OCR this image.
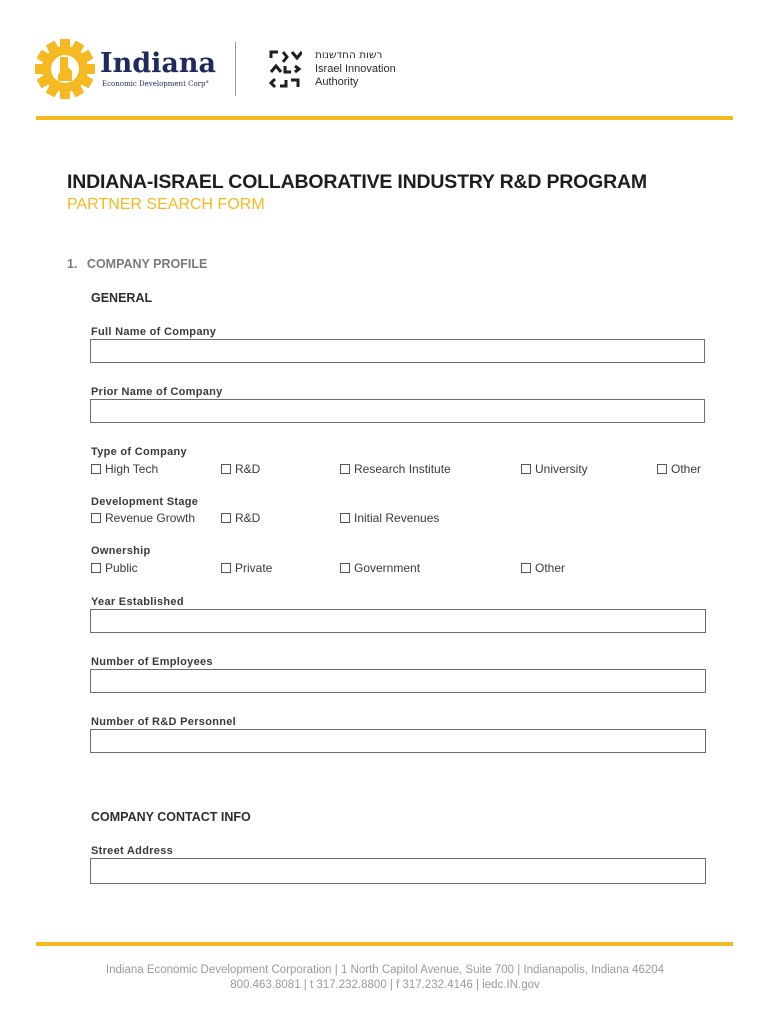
Indiana
Economic Development Corp°
רשות החדשנות
Israel Innovation
Authority
INDIANA-ISRAEL COLLABORATIVE INDUSTRY R&D PROGRAM
PARTNER SEARCH FORM
1. COMPANY PROFILE
GENERAL
Full Name of Company
Prior Name of Company
Type of Company
High Tech	R&D	Research Institute	University	Other
Development Stage
Revenue Growth	R&D	Initial Revenues
Ownership
Public	Private	Government	Other
Year Established
Number of Employees
Number of R&D Personnel
COMPANY CONTACT INFO
Street Address
Indiana Economic Development Corporation | 1 North Capitol Avenue, Suite 700 | Indianapolis, Indiana 46204
800.463.8081 | t 317.232.8800 | f 317.232.4146 | iedc.IN.gov
